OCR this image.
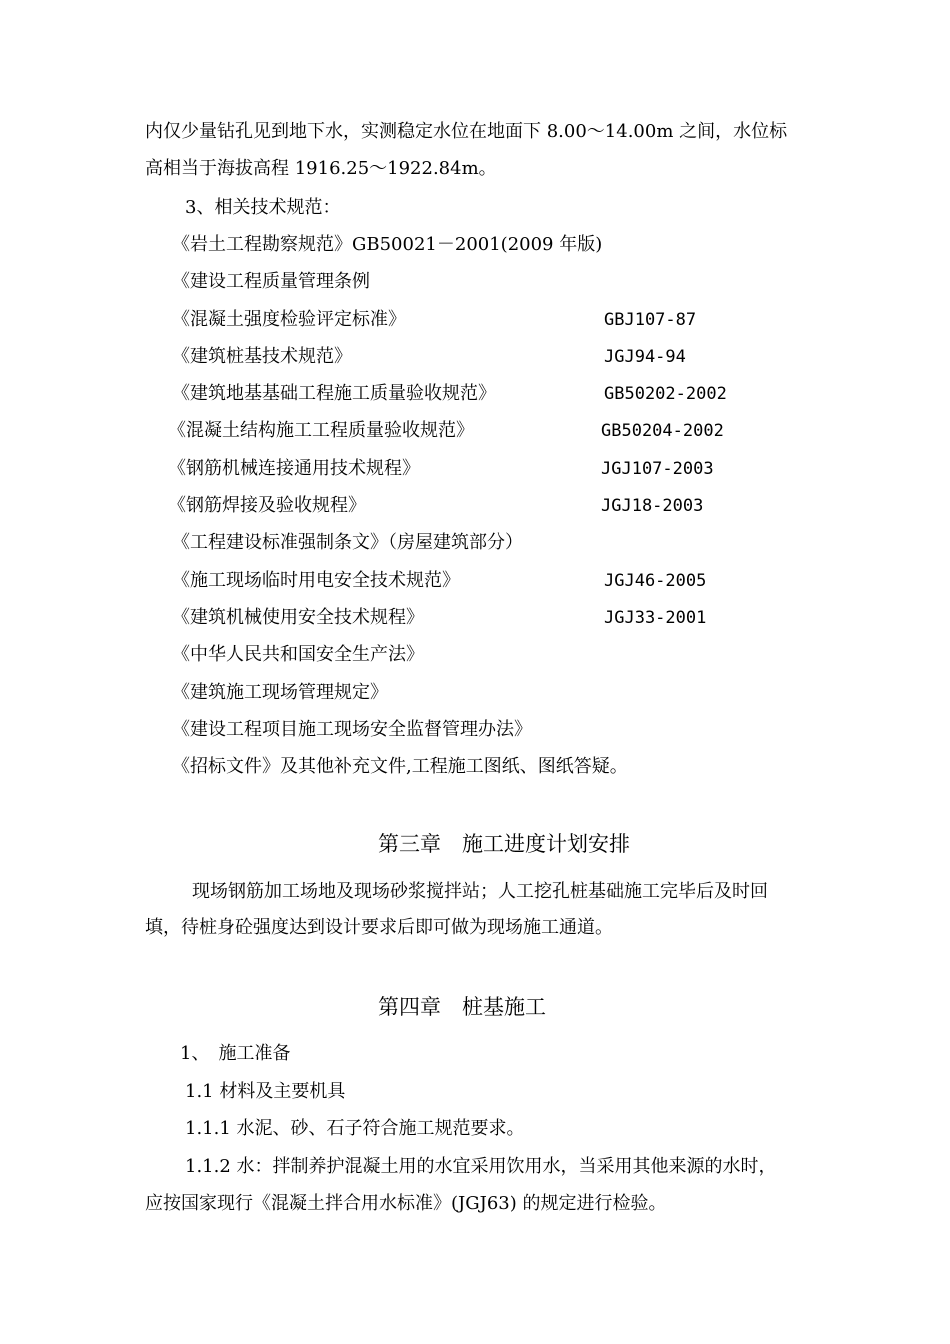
内仅少量钻孔见到地下水，实测稳定水位在地面下 8.00～14.00m 之间，水位标
高相当于海拔高程 1916.25～1922.84m。
3、相关技术规范：
《岩土工程勘察规范》GB50021－2001(2009 年版)
《建设工程质量管理条例
《混凝土强度检验评定标准》	GBJ107-87
《建筑桩基技术规范》	JGJ94-94
《建筑地基基础工程施工质量验收规范》	GB50202-2002
《混凝土结构施工工程质量验收规范》	GB50204-2002
《钢筋机械连接通用技术规程》	JGJ107-2003
《钢筋焊接及验收规程》	JGJ18-2003
《工程建设标准强制条文》（房屋建筑部分）
《施工现场临时用电安全技术规范》	JGJ46-2005
《建筑机械使用安全技术规程》	JGJ33-2001
《中华人民共和国安全生产法》
《建筑施工现场管理规定》
《建设工程项目施工现场安全监督管理办法》
《招标文件》及其他补充文件,工程施工图纸、图纸答疑。
第三章　施工进度计划安排
现场钢筋加工场地及现场砂浆搅拌站；人工挖孔桩基础施工完毕后及时回
填，待桩身砼强度达到设计要求后即可做为现场施工通道。
第四章　桩基施工
1、　施工准备
1.1 材料及主要机具
1.1.1 水泥、砂、石子符合施工规范要求。
1.1.2 水：拌制养护混凝土用的水宜采用饮用水，当采用其他来源的水时，
应按国家现行《混凝土拌合用水标准》(JGJ63) 的规定进行检验。
